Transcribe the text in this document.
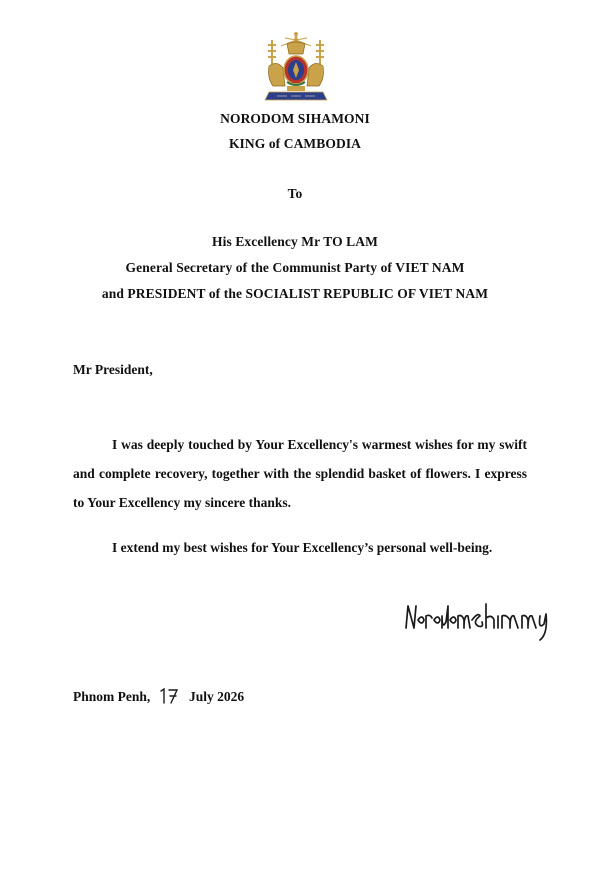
NORODOM SIHAMONI
KING of CAMBODIA
To
His Excellency Mr TO LAM
General Secretary of the Communist Party of VIET NAM
and PRESIDENT of the SOCIALIST REPUBLIC OF VIET NAM
Mr President,
I was deeply touched by Your Excellency's warmest wishes for my swift and complete recovery, together with the splendid basket of flowers. I express to Your Excellency my sincere thanks.
I extend my best wishes for Your Excellency’s personal well-being.
Phnom Penh,	July 2026
